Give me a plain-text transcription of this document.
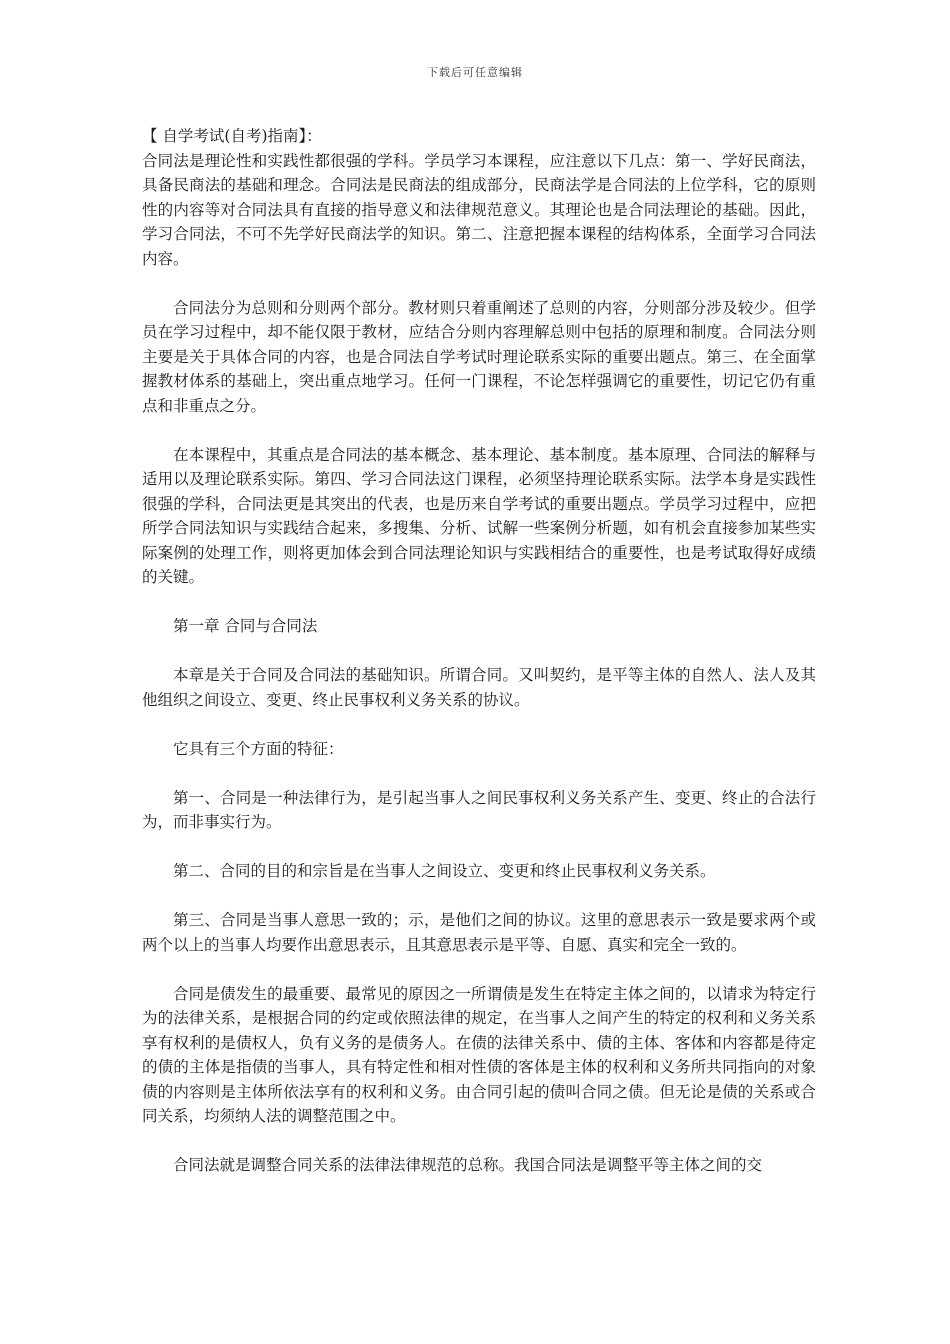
下载后可任意编辑

【 自学考试(自考)指南】：

合同法是理论性和实践性都很强的学科。学员学习本课程，应注意以下几点：第一、学好民商法，具备民商法的基础和理念。合同法是民商法的组成部分，民商法学是合同法的上位学科，它的原则性的内容等对合同法具有直接的指导意义和法律规范意义。其理论也是合同法理论的基础。因此，学习合同法，不可不先学好民商法学的知识。第二、注意把握本课程的结构体系，全面学习合同法内容。

合同法分为总则和分则两个部分。教材则只着重阐述了总则的内容，分则部分涉及较少。但学员在学习过程中，却不能仅限于教材，应结合分则内容理解总则中包括的原理和制度。合同法分则主要是关于具体合同的内容，也是合同法自学考试时理论联系实际的重要出题点。第三、在全面掌握教材体系的基础上，突出重点地学习。任何一门课程，不论怎样强调它的重要性，切记它仍有重点和非重点之分。

在本课程中，其重点是合同法的基本概念、基本理论、基本制度。基本原理、合同法的解释与适用以及理论联系实际。第四、学习合同法这门课程，必须坚持理论联系实际。法学本身是实践性很强的学科，合同法更是其突出的代表，也是历来自学考试的重要出题点。学员学习过程中，应把所学合同法知识与实践结合起来，多搜集、分析、试解一些案例分析题，如有机会直接参加某些实际案例的处理工作，则将更加体会到合同法理论知识与实践相结合的重要性，也是考试取得好成绩的关键。

第一章 合同与合同法

本章是关于合同及合同法的基础知识。所谓合同。又叫契约，是平等主体的自然人、法人及其他组织之间设立、变更、终止民事权利义务关系的协议。

它具有三个方面的特征：

第一、合同是一种法律行为，是引起当事人之间民事权利义务关系产生、变更、终止的合法行为，而非事实行为。

第二、合同的目的和宗旨是在当事人之间设立、变更和终止民事权利义务关系。

第三、合同是当事人意思一致的；示，是他们之间的协议。这里的意思表示一致是要求两个或两个以上的当事人均要作出意思表示，且其意思表示是平等、自愿、真实和完全一致的。

合同是债发生的最重要、最常见的原因之一所谓债是发生在特定主体之间的，以请求为特定行为的法律关系，是根据合同的约定或依照法律的规定，在当事人之间产生的特定的权利和义务关系享有权利的是债权人，负有义务的是债务人。在债的法律关系中、债的主体、客体和内容都是待定的债的主体是指债的当事人，具有特定性和相对性债的客体是主体的权利和义务所共同指向的对象债的内容则是主体所依法享有的权利和义务。由合同引起的债叫合同之债。但无论是债的关系或合同关系，均须纳人法的调整范围之中。

合同法就是调整合同关系的法律法律规范的总称。我国合同法是调整平等主体之间的交
